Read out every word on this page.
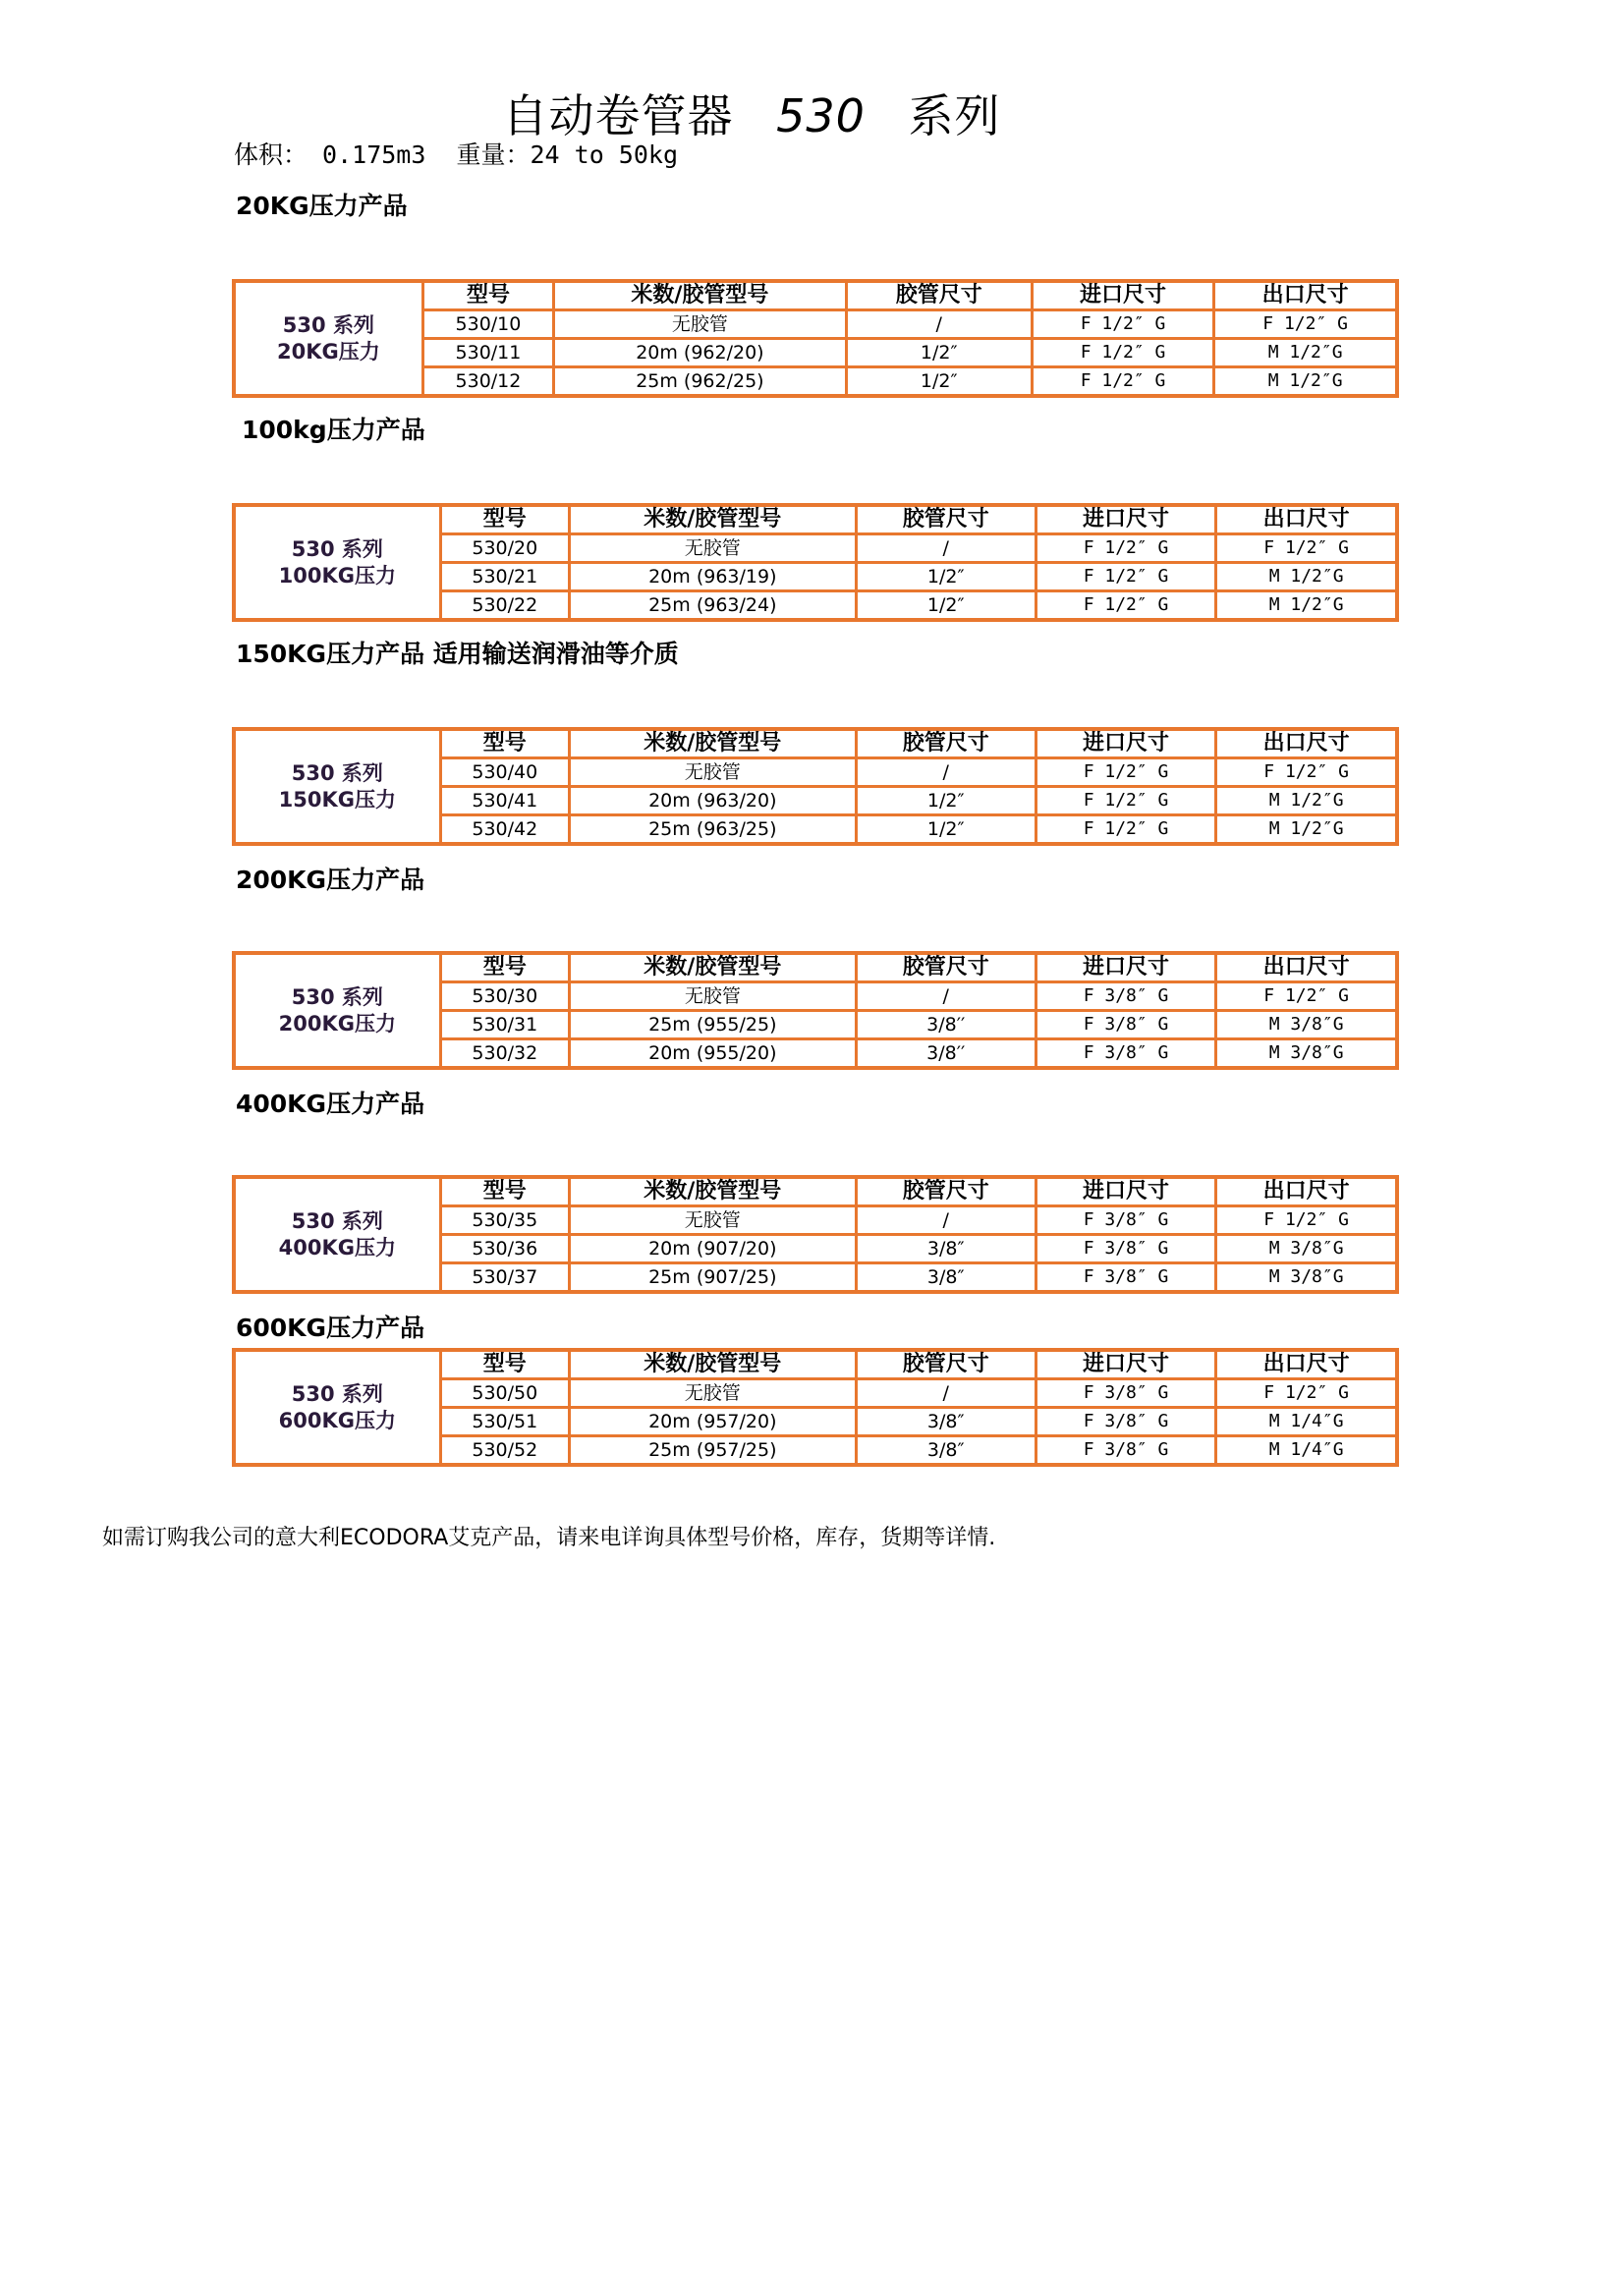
自动卷管器 530 系列
体积： 0.175m3 重量：24 to 50kg
20KG压力产品
530 系列
20KG压力	型号	米数/胶管型号	胶管尺寸	进口尺寸	出口尺寸
	530/10	无胶管	/	F 1/2″ G	F 1/2″ G
	530/11	20m (962/20)	1/2″	F 1/2″ G	M 1/2″G
	530/12	25m (962/25)	1/2″	F 1/2″ G	M 1/2″G
100kg压力产品
530 系列
100KG压力	型号	米数/胶管型号	胶管尺寸	进口尺寸	出口尺寸
	530/20	无胶管	/	F 1/2″ G	F 1/2″ G
	530/21	20m (963/19)	1/2″	F 1/2″ G	M 1/2″G
	530/22	25m (963/24)	1/2″	F 1/2″ G	M 1/2″G
150KG压力产品 适用输送润滑油等介质
530 系列
150KG压力	型号	米数/胶管型号	胶管尺寸	进口尺寸	出口尺寸
	530/40	无胶管	/	F 1/2″ G	F 1/2″ G
	530/41	20m (963/20)	1/2″	F 1/2″ G	M 1/2″G
	530/42	25m (963/25)	1/2″	F 1/2″ G	M 1/2″G
200KG压力产品
530 系列
200KG压力	型号	米数/胶管型号	胶管尺寸	进口尺寸	出口尺寸
	530/30	无胶管	/	F 3/8″ G	F 1/2″ G
	530/31	25m (955/25)	3/8′′	F 3/8″ G	M 3/8″G
	530/32	20m (955/20)	3/8′′	F 3/8″ G	M 3/8″G
400KG压力产品
530 系列
400KG压力	型号	米数/胶管型号	胶管尺寸	进口尺寸	出口尺寸
	530/35	无胶管	/	F 3/8″ G	F 1/2″ G
	530/36	20m (907/20)	3/8″	F 3/8″ G	M 3/8″G
	530/37	25m (907/25)	3/8″	F 3/8″ G	M 3/8″G
600KG压力产品
530 系列
600KG压力	型号	米数/胶管型号	胶管尺寸	进口尺寸	出口尺寸
	530/50	无胶管	/	F 3/8″ G	F 1/2″ G
	530/51	20m (957/20)	3/8″	F 3/8″ G	M 1/4″G
	530/52	25m (957/25)	3/8″	F 3/8″ G	M 1/4″G
如需订购我公司的意大利ECODORA艾克产品，请来电详询具体型号价格，库存，货期等详情.
